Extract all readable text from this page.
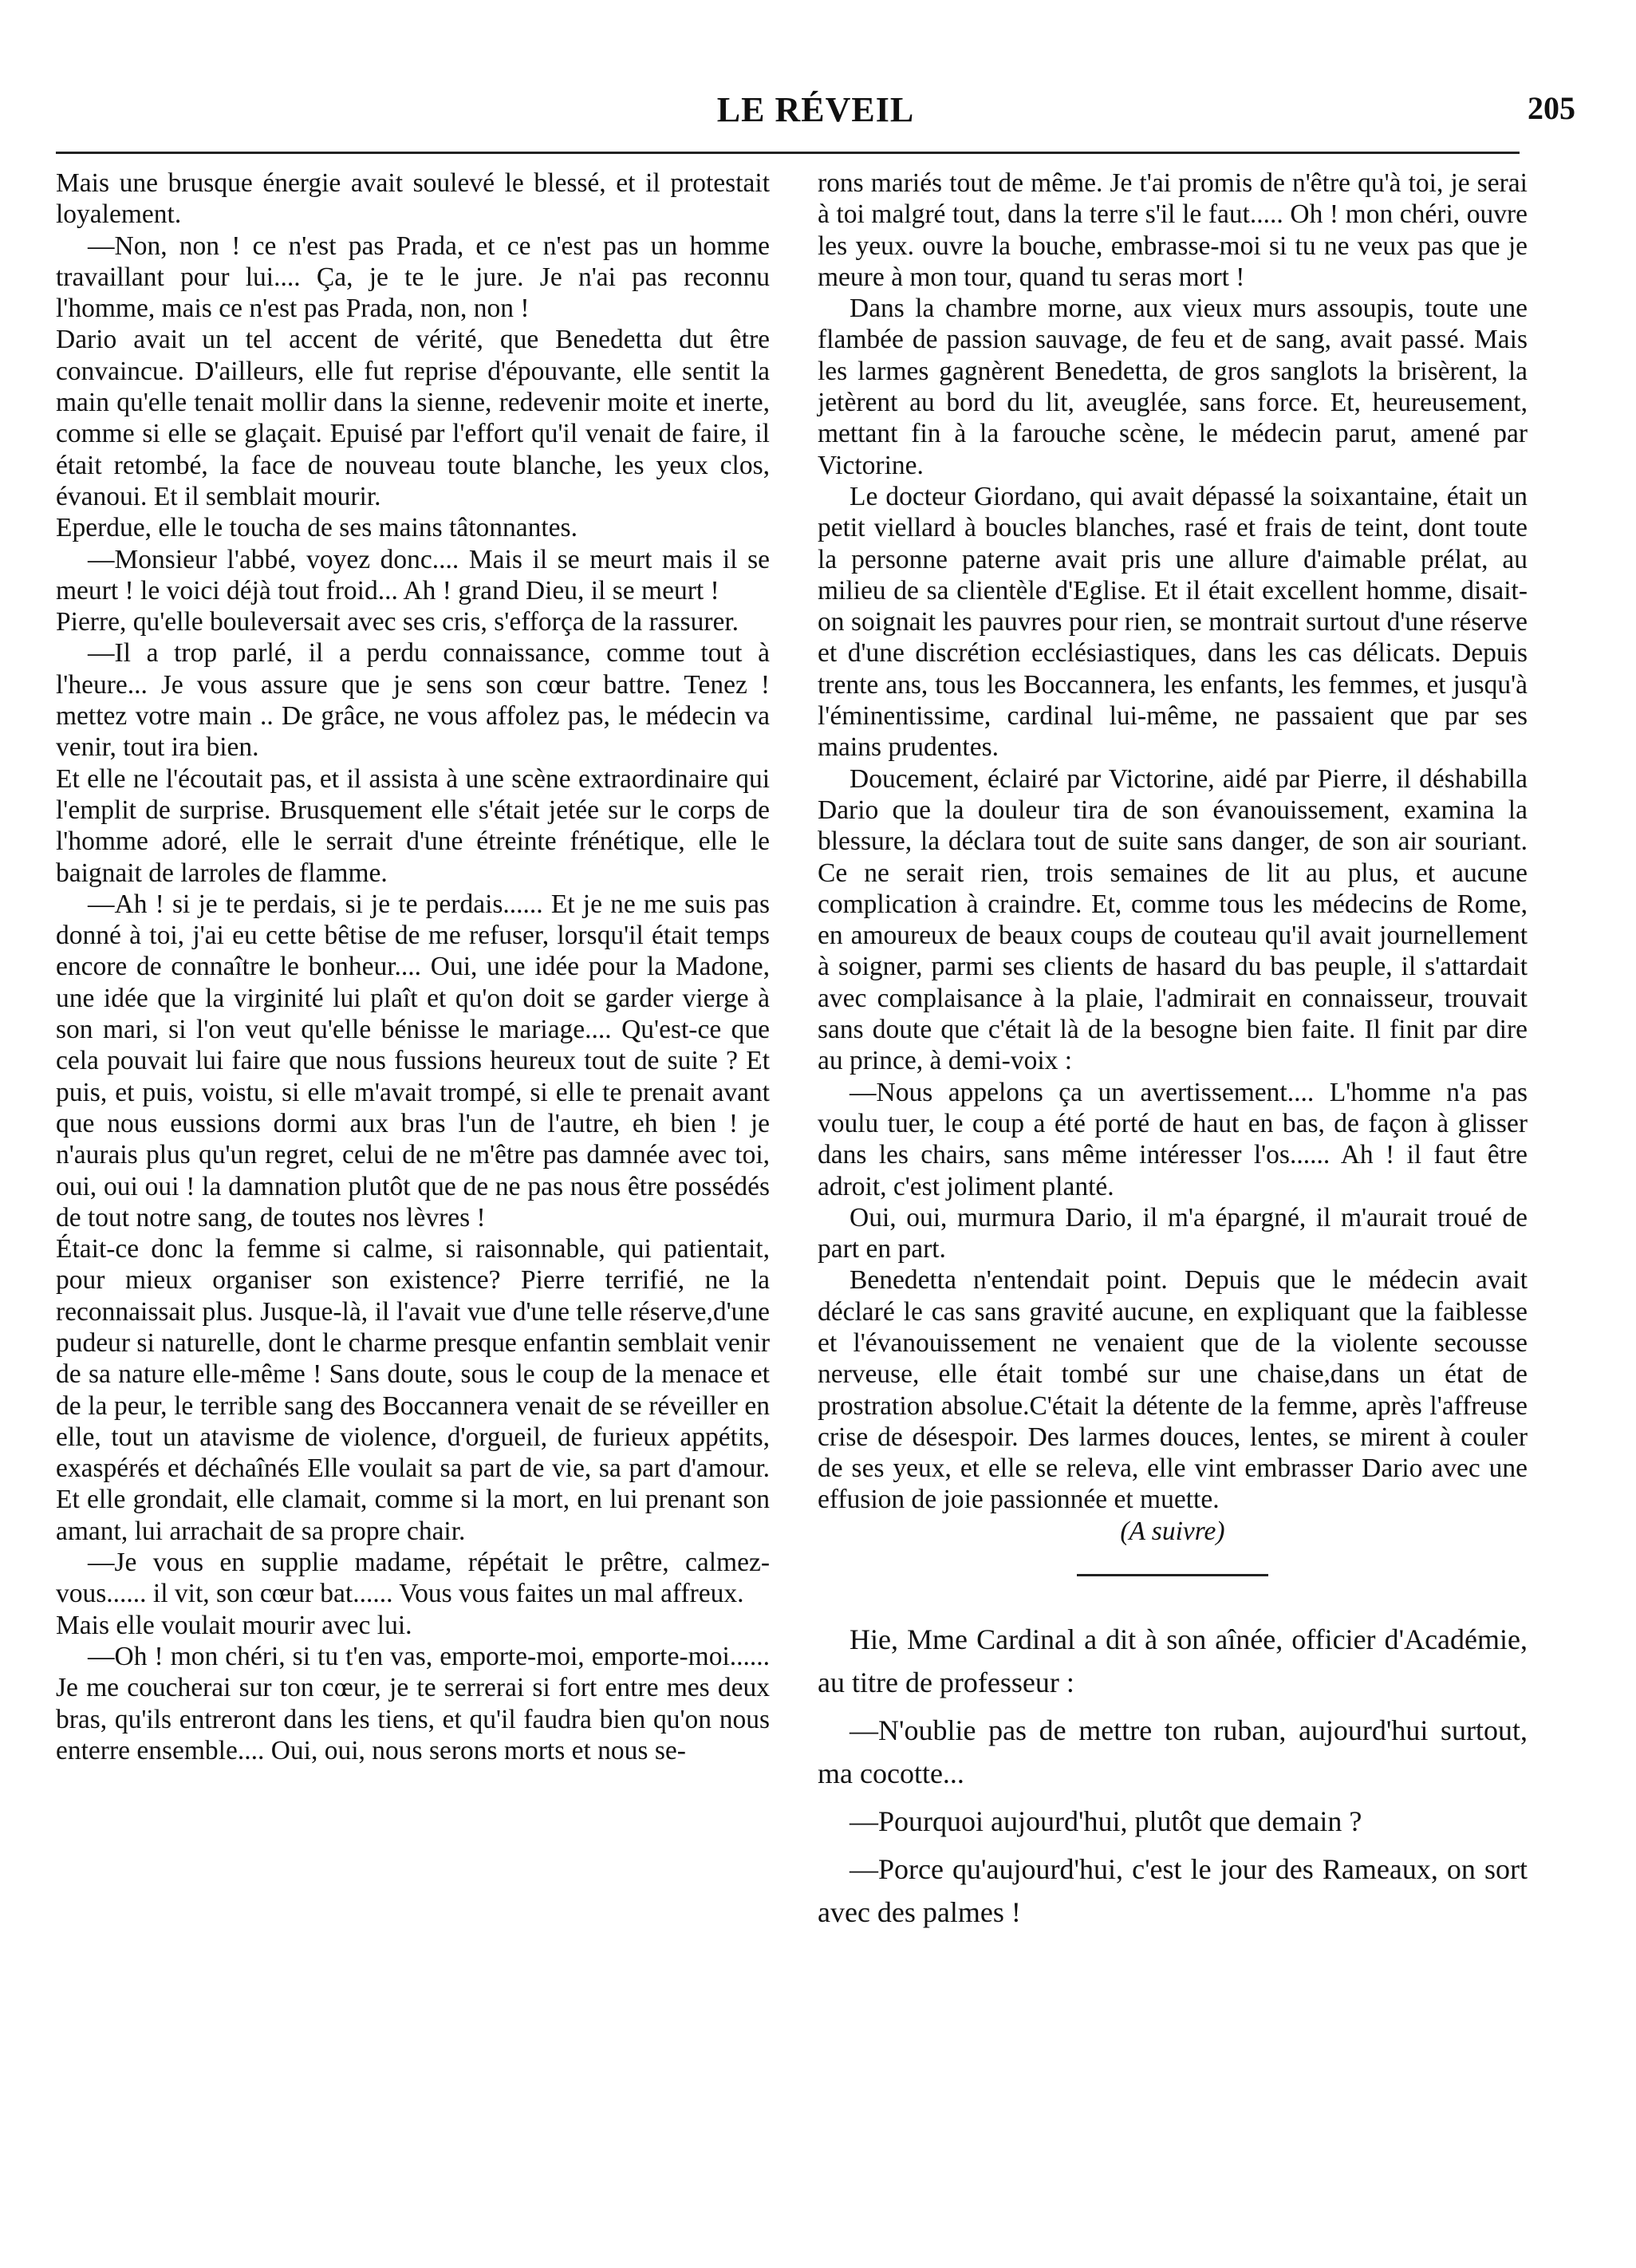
LE RÉVEIL	205

Mais une brusque énergie avait soulevé le blessé, et il protestait loyalement.

—Non, non ! ce n'est pas Prada, et ce n'est pas un homme travaillant pour lui.... Ça, je te le jure. Je n'ai pas reconnu l'homme, mais ce n'est pas Prada, non, non !

Dario avait un tel accent de vérité, que Benedetta dut être convaincue. D'ailleurs, elle fut reprise d'épouvante, elle sentit la main qu'elle tenait mollir dans la sienne, redevenir moite et inerte, comme si elle se glaçait. Epuisé par l'effort qu'il venait de faire, il était retombé, la face de nouveau toute blanche, les yeux clos, évanoui. Et il semblait mourir.

Eperdue, elle le toucha de ses mains tâtonnantes.

—Monsieur l'abbé, voyez donc.... Mais il se meurt mais il se meurt ! le voici déjà tout froid... Ah ! grand Dieu, il se meurt !

Pierre, qu'elle bouleversait avec ses cris, s'efforça de la rassurer.

—Il a trop parlé, il a perdu connaissance, comme tout à l'heure... Je vous assure que je sens son cœur battre. Tenez ! mettez votre main .. De grâce, ne vous affolez pas, le médecin va venir, tout ira bien.

Et elle ne l'écoutait pas, et il assista à une scène extraordinaire qui l'emplit de surprise. Brusquement elle s'était jetée sur le corps de l'homme adoré, elle le serrait d'une étreinte frénétique, elle le baignait de larroles de flamme.

—Ah ! si je te perdais, si je te perdais...... Et je ne me suis pas donné à toi, j'ai eu cette bêtise de me refuser, lorsqu'il était temps encore de connaître le bonheur.... Oui, une idée pour la Madone, une idée que la virginité lui plaît et qu'on doit se garder vierge à son mari, si l'on veut qu'elle bénisse le mariage.... Qu'est-ce que cela pouvait lui faire que nous fussions heureux tout de suite ? Et puis, et puis, voistu, si elle m'avait trompé, si elle te prenait avant que nous eussions dormi aux bras l'un de l'autre, eh bien ! je n'aurais plus qu'un regret, celui de ne m'être pas damnée avec toi, oui, oui oui ! la damnation plutôt que de ne pas nous être possédés de tout notre sang, de toutes nos lèvres !

Était-ce donc la femme si calme, si raisonnable, qui patientait, pour mieux organiser son existence? Pierre terrifié, ne la reconnaissait plus. Jusque-là, il l'avait vue d'une telle réserve,d'une pudeur si naturelle, dont le charme presque enfantin semblait venir de sa nature elle-même ! Sans doute, sous le coup de la menace et de la peur, le terrible sang des Boccannera venait de se réveiller en elle, tout un atavisme de violence, d'orgueil, de furieux appétits, exaspérés et déchaînés Elle voulait sa part de vie, sa part d'amour. Et elle grondait, elle clamait, comme si la mort, en lui prenant son amant, lui arrachait de sa propre chair.

—Je vous en supplie madame, répétait le prêtre, calmez-vous...... il vit, son cœur bat...... Vous vous faites un mal affreux.

Mais elle voulait mourir avec lui.

—Oh ! mon chéri, si tu t'en vas, emporte-moi, emporte-moi...... Je me coucherai sur ton cœur, je te serrerai si fort entre mes deux bras, qu'ils entreront dans les tiens, et qu'il faudra bien qu'on nous enterre ensemble.... Oui, oui, nous serons morts et nous se-

rons mariés tout de même. Je t'ai promis de n'être qu'à toi, je serai à toi malgré tout, dans la terre s'il le faut..... Oh ! mon chéri, ouvre les yeux. ouvre la bouche, embrasse-moi si tu ne veux pas que je meure à mon tour, quand tu seras mort !

Dans la chambre morne, aux vieux murs assoupis, toute une flambée de passion sauvage, de feu et de sang, avait passé. Mais les larmes gagnèrent Benedetta, de gros sanglots la brisèrent, la jetèrent au bord du lit, aveuglée, sans force. Et, heureusement, mettant fin à la farouche scène, le médecin parut, amené par Victorine.

Le docteur Giordano, qui avait dépassé la soixantaine, était un petit viellard à boucles blanches, rasé et frais de teint, dont toute la personne paterne avait pris une allure d'aimable prélat, au milieu de sa clientèle d'Eglise. Et il était excellent homme, disait-on soignait les pauvres pour rien, se montrait surtout d'une réserve et d'une discrétion ecclésiastiques, dans les cas délicats. Depuis trente ans, tous les Boccannera, les enfants, les femmes, et jusqu'à l'éminentissime, cardinal lui-même, ne passaient que par ses mains prudentes.

Doucement, éclairé par Victorine, aidé par Pierre, il déshabilla Dario que la douleur tira de son évanouissement, examina la blessure, la déclara tout de suite sans danger, de son air souriant. Ce ne serait rien, trois semaines de lit au plus, et aucune complication à craindre. Et, comme tous les médecins de Rome, en amoureux de beaux coups de couteau qu'il avait journellement à soigner, parmi ses clients de hasard du bas peuple, il s'attardait avec complaisance à la plaie, l'admirait en connaisseur, trouvait sans doute que c'était là de la besogne bien faite. Il finit par dire au prince, à demi-voix :

—Nous appelons ça un avertissement.... L'homme n'a pas voulu tuer, le coup a été porté de haut en bas, de façon à glisser dans les chairs, sans même intéresser l'os...... Ah ! il faut être adroit, c'est joliment planté.

Oui, oui, murmura Dario, il m'a épargné, il m'aurait troué de part en part.

Benedetta n'entendait point. Depuis que le médecin avait déclaré le cas sans gravité aucune, en expliquant que la faiblesse et l'évanouissement ne venaient que de la violente secousse nerveuse, elle était tombé sur une chaise,dans un état de prostration absolue.C'était la détente de la femme, après l'affreuse crise de désespoir. Des larmes douces, lentes, se mirent à couler de ses yeux, et elle se releva, elle vint embrasser Dario avec une effusion de joie passionnée et muette.

(A suivre)

Hie, Mme Cardinal a dit à son aînée, officier d'Académie, au titre de professeur :

—N'oublie pas de mettre ton ruban, aujourd'hui surtout, ma cocotte...

—Pourquoi aujourd'hui, plutôt que demain ?

—Porce qu'aujourd'hui, c'est le jour des Rameaux, on sort avec des palmes !
